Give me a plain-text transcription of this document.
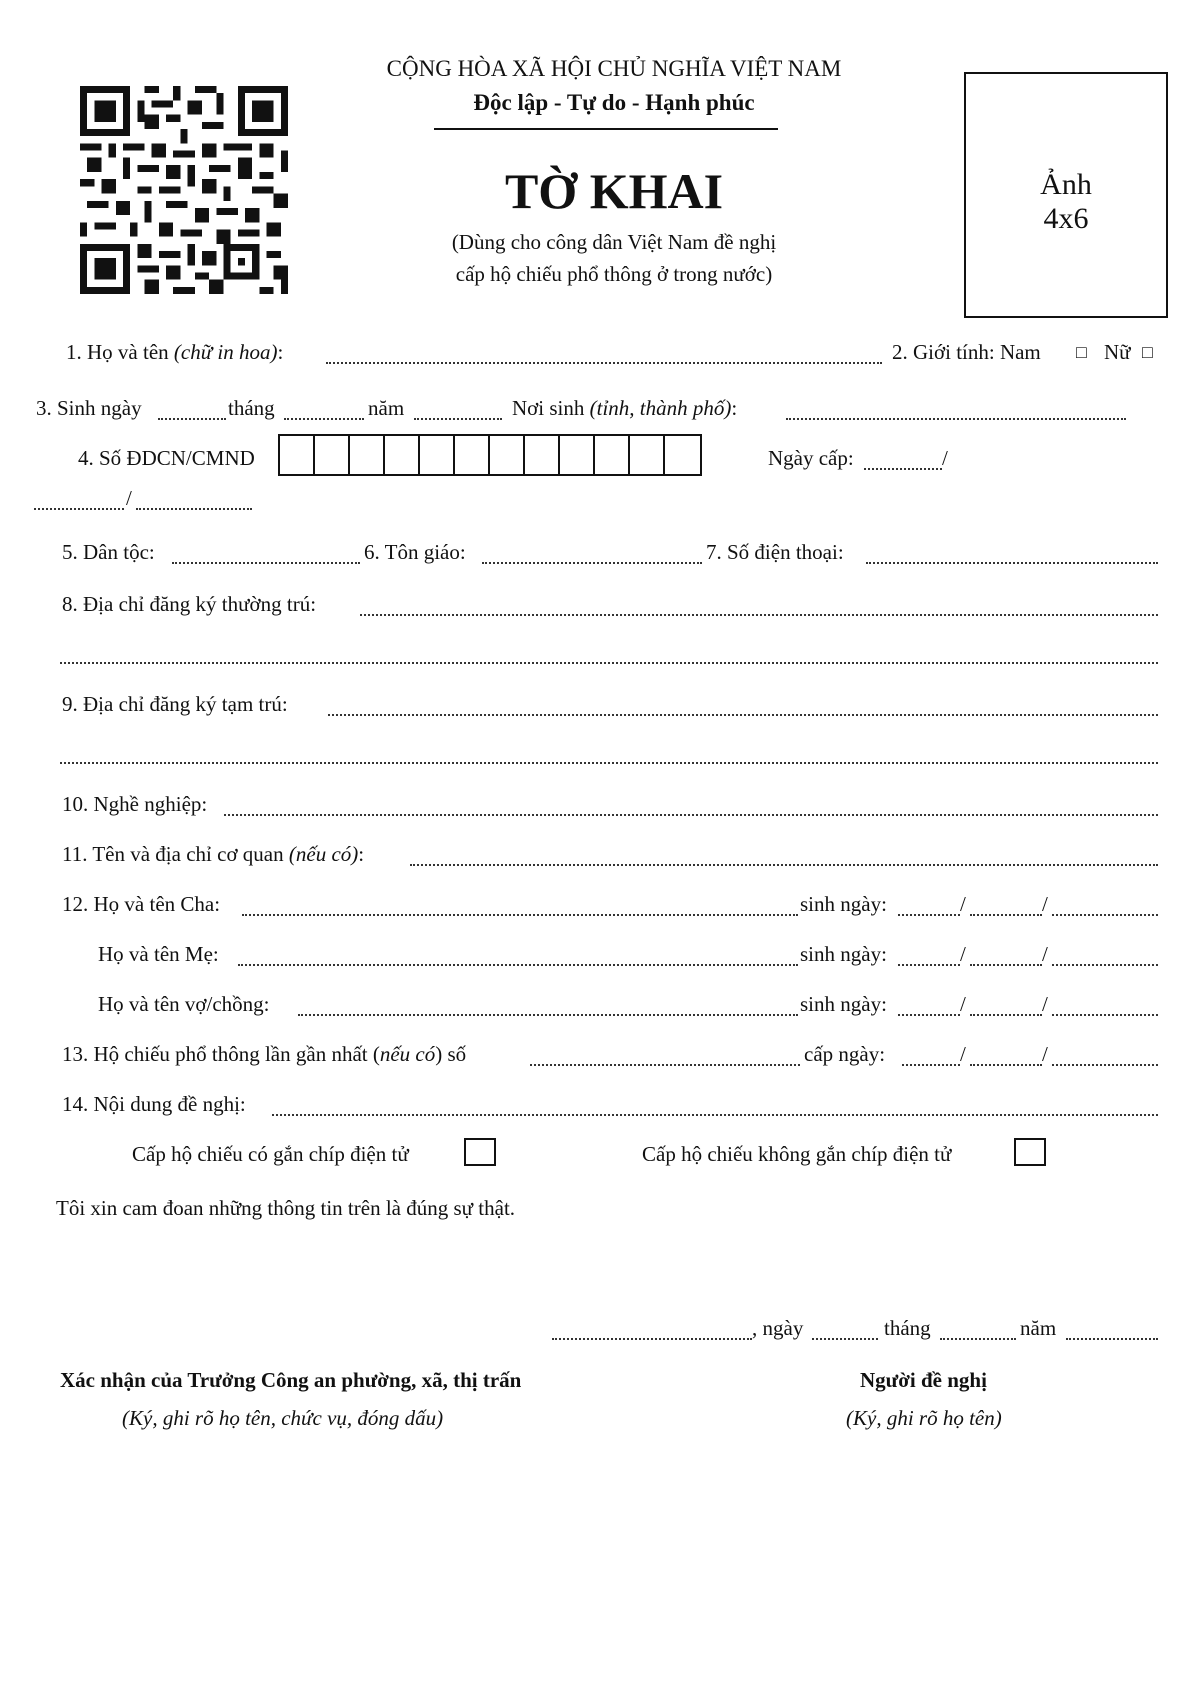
CỘNG HÒA XÃ HỘI CHỦ NGHĨA VIỆT NAM
Độc lập - Tự do - Hạnh phúc
TỜ KHAI
(Dùng cho công dân Việt Nam đề nghị
cấp hộ chiếu phổ thông ở trong nước)
Ảnh
4x6
1. Họ và tên (chữ in hoa):	2. Giới tính: Nam □ Nữ □
3. Sinh ngày	tháng	năm	Nơi sinh (tỉnh, thành phố):
4. Số ĐDCN/CMND	Ngày cấp:	/
/
5. Dân tộc:	6. Tôn giáo:	7. Số điện thoại:
8. Địa chỉ đăng ký thường trú:
9. Địa chỉ đăng ký tạm trú:
10. Nghề nghiệp:
11. Tên và địa chỉ cơ quan (nếu có):
12. Họ và tên Cha:	sinh ngày:	/	/
Họ và tên Mẹ:	sinh ngày:	/	/
Họ và tên vợ/chồng:	sinh ngày:	/	/
13. Hộ chiếu phổ thông lần gần nhất (nếu có) số	cấp ngày:	/	/
14. Nội dung đề nghị:
Cấp hộ chiếu có gắn chíp điện tử	Cấp hộ chiếu không gắn chíp điện tử
Tôi xin cam đoan những thông tin trên là đúng sự thật.
, ngày	tháng	năm
Xác nhận của Trưởng Công an phường, xã, thị trấn
(Ký, ghi rõ họ tên, chức vụ, đóng dấu)
Người đề nghị
(Ký, ghi rõ họ tên)
